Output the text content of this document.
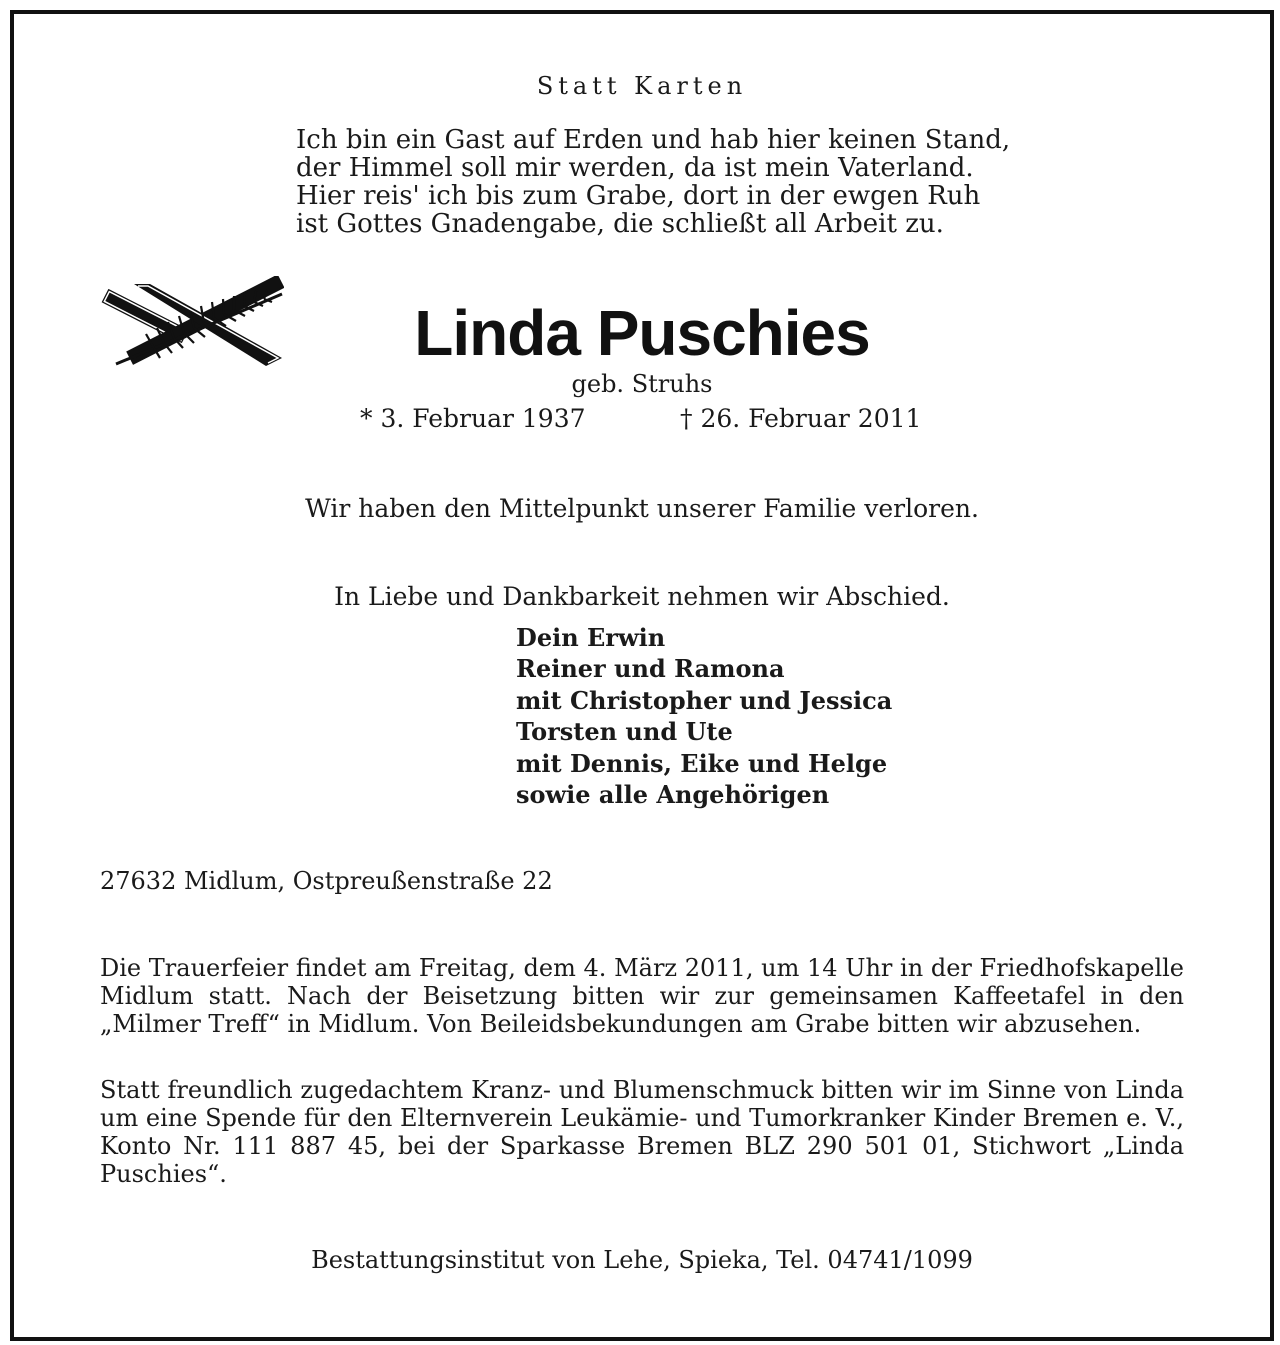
Statt Karten

Ich bin ein Gast auf Erden und hab hier keinen Stand,
der Himmel soll mir werden, da ist mein Vaterland.
Hier reis' ich bis zum Grabe, dort in der ewgen Ruh
ist Gottes Gnadengabe, die schließt all Arbeit zu.

Linda Puschies

geb. Struhs

* 3. Februar 1937	† 26. Februar 2011

Wir haben den Mittelpunkt unserer Familie verloren.

In Liebe und Dankbarkeit nehmen wir Abschied.

Dein Erwin
Reiner und Ramona
mit Christopher und Jessica
Torsten und Ute
mit Dennis, Eike und Helge
sowie alle Angehörigen

27632 Midlum, Ostpreußenstraße 22

Die Trauerfeier findet am Freitag, dem 4. März 2011, um 14 Uhr in der Friedhofskapelle Midlum statt. Nach der Beisetzung bitten wir zur gemeinsamen Kaffeetafel in den „Milmer Treff“ in Midlum. Von Beileidsbekundungen am Grabe bitten wir abzusehen.

Statt freundlich zugedachtem Kranz- und Blumenschmuck bitten wir im Sinne von Linda um eine Spende für den Elternverein Leukämie- und Tumorkranker Kinder Bremen e. V., Konto Nr. 111 887 45, bei der Sparkasse Bremen BLZ 290 501 01, Stichwort „Linda Puschies“.

Bestattungsinstitut von Lehe, Spieka, Tel. 04741/1099
